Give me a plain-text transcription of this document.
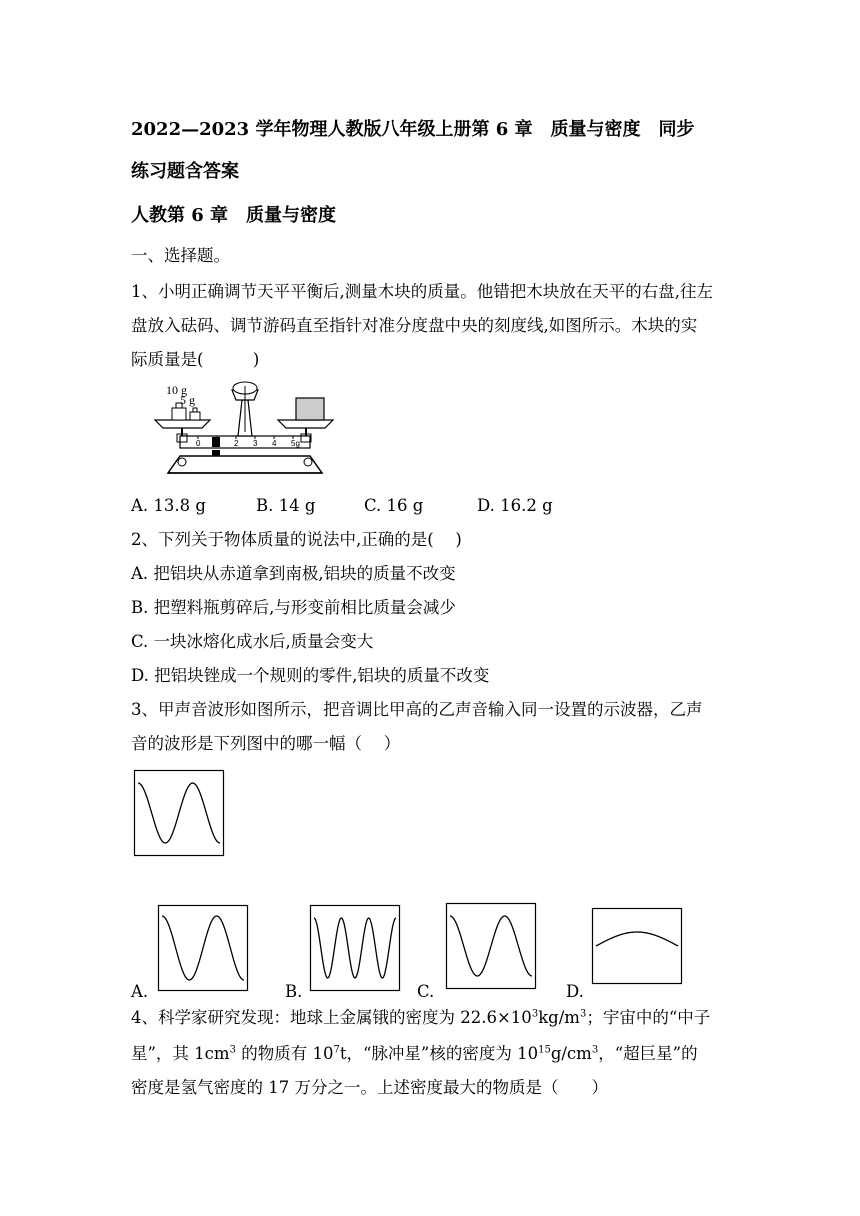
2022—2023 学年物理人教版八年级上册第 6 章　质量与密度　同步
练习题含答案
人教第 6 章　质量与密度
一、选择题。
1、小明正确调节天平平衡后,测量木块的质量。他错把木块放在天平的右盘,往左
盘放入砝码、调节游码直至指针对准分度盘中央的刻度线,如图所示。木块的实
际质量是(　　　)
10 g
5 g
0 1 2 3 4 5g
A. 13.8 g	B. 14 g	C. 16 g	D. 16.2 g
2、下列关于物体质量的说法中,正确的是(　 )
A. 把铝块从赤道拿到南极,铝块的质量不改变
B. 把塑料瓶剪碎后,与形变前相比质量会减少
C. 一块冰熔化成水后,质量会变大
D. 把铝块锉成一个规则的零件,铝块的质量不改变
3、甲声音波形如图所示，把音调比甲高的乙声音输入同一设置的示波器，乙声
音的波形是下列图中的哪一幅（　 ）
A.	B.	C.	D.
4、科学家研究发现：地球上金属锇的密度为 $22.6\times 10^3kg/m^3$；宇宙中的“中子
星”，其 $1cm^3$ 的物质有 $10^7t$，“脉冲星”核的密度为 $10^{15}g/cm^3$，“超巨星”的
密度是氢气密度的 17 万分之一。上述密度最大的物质是（　　）
